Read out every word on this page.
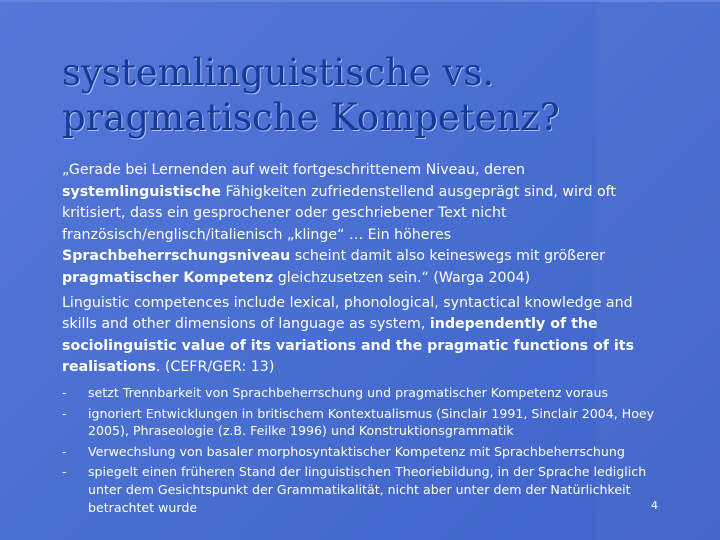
systemlinguistische vs.
pragmatische Kompetenz?

„Gerade bei Lernenden auf weit fortgeschrittenem Niveau, deren systemlinguistische Fähigkeiten zufriedenstellend ausgeprägt sind, wird oft kritisiert, dass ein gesprochener oder geschriebener Text nicht französisch/englisch/italienisch „klinge“ … Ein höheres Sprachbeherrschungsniveau scheint damit also keineswegs mit größerer pragmatischer Kompetenz gleichzusetzen sein.“ (Warga 2004)

Linguistic competences include lexical, phonological, syntactical knowledge and skills and other dimensions of language as system, independently of the sociolinguistic value of its variations and the pragmatic functions of its realisations. (CEFR/GER: 13)

- setzt Trennbarkeit von Sprachbeherrschung und pragmatischer Kompetenz voraus
- ignoriert Entwicklungen in britischem Kontextualismus (Sinclair 1991, Sinclair 2004, Hoey 2005), Phraseologie (z.B. Feilke 1996) und Konstruktionsgrammatik
- Verwechslung von basaler morphosyntaktischer Kompetenz mit Sprachbeherrschung
- spiegelt einen früheren Stand der linguistischen Theoriebildung, in der Sprache lediglich unter dem Gesichtspunkt der Grammatikalität, nicht aber unter dem der Natürlichkeit betrachtet wurde	4
